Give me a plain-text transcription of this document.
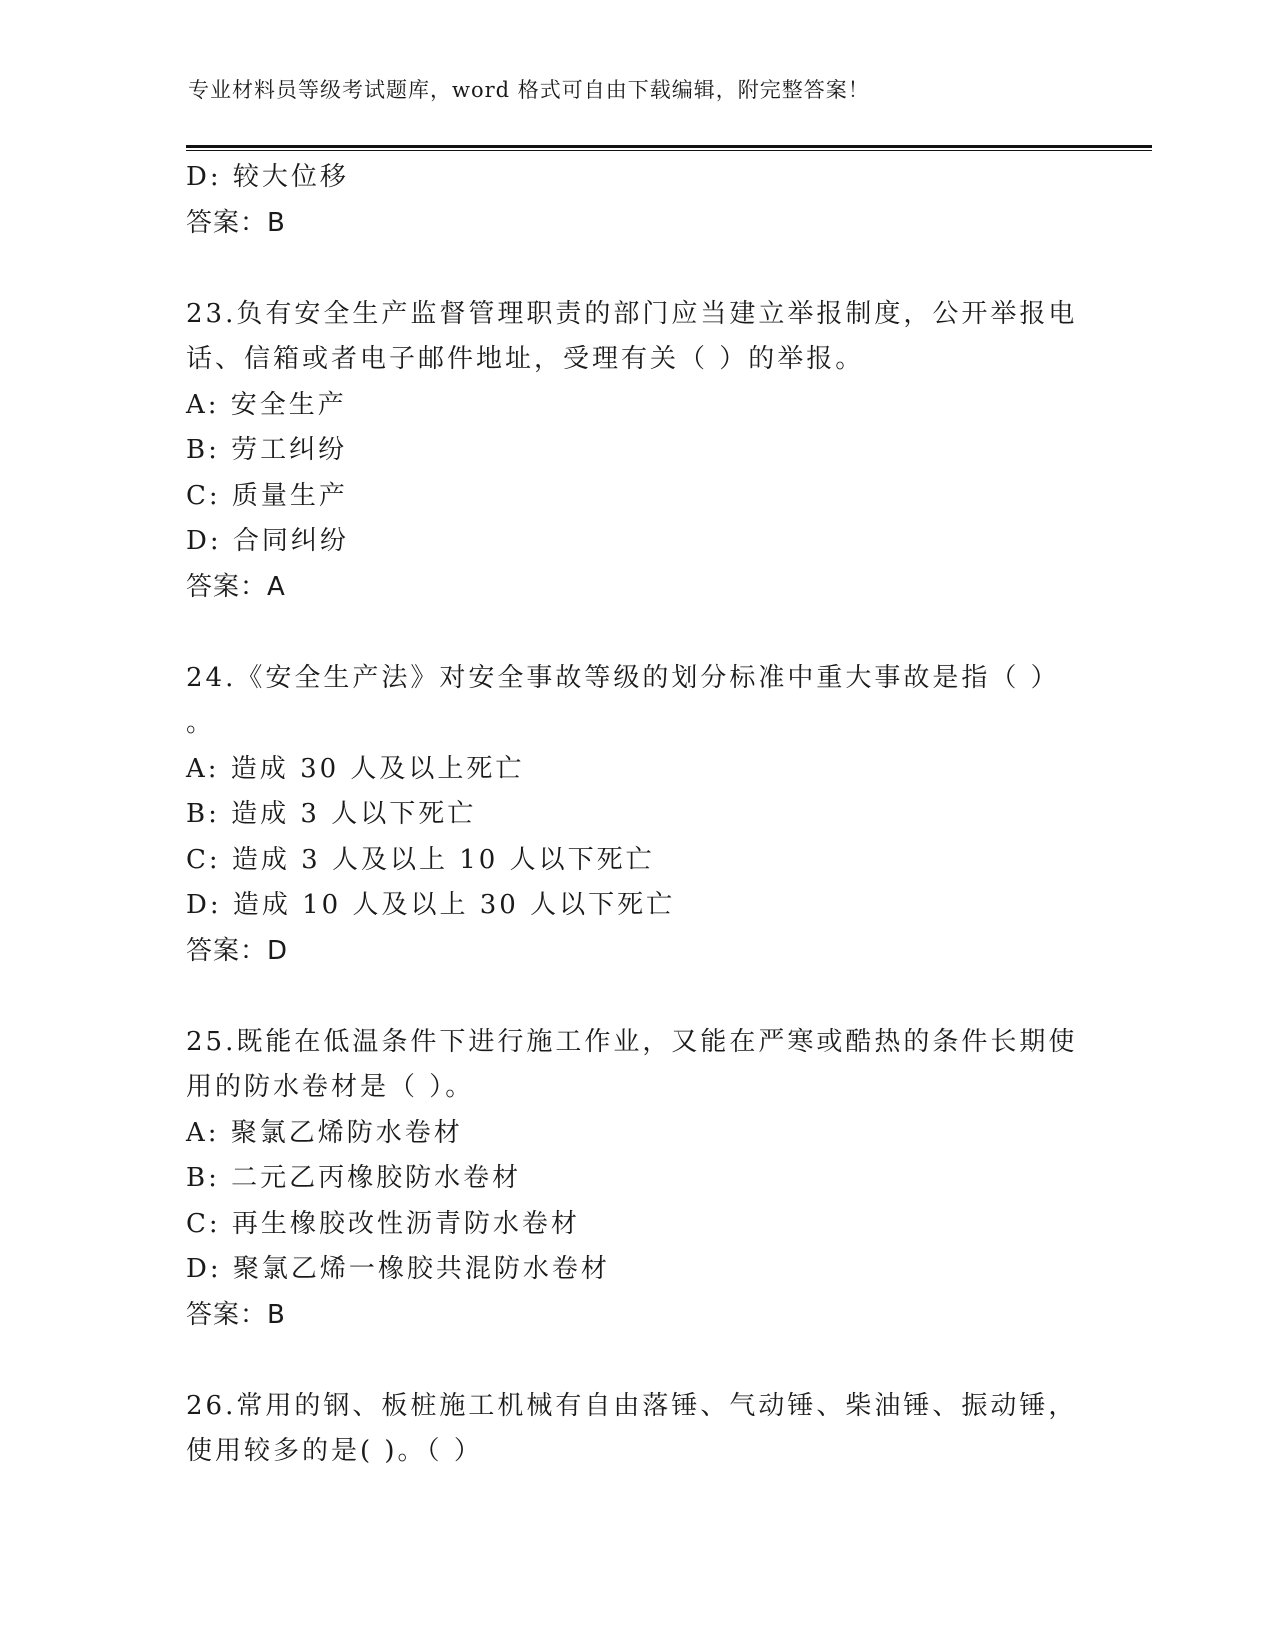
专业材料员等级考试题库，word 格式可自由下载编辑，附完整答案！
D: 较大位移
答案：B
23.负有安全生产监督管理职责的部门应当建立举报制度，公开举报电
话、信箱或者电子邮件地址，受理有关（ ）的举报。
A: 安全生产
B: 劳工纠纷
C: 质量生产
D: 合同纠纷
答案：A
24.《安全生产法》对安全事故等级的划分标准中重大事故是指（ ）
。
A: 造成 30 人及以上死亡
B: 造成 3 人以下死亡
C: 造成 3 人及以上 10 人以下死亡
D: 造成 10 人及以上 30 人以下死亡
答案：D
25.既能在低温条件下进行施工作业，又能在严寒或酷热的条件长期使
用的防水卷材是（ ）。
A: 聚氯乙烯防水卷材
B: 二元乙丙橡胶防水卷材
C: 再生橡胶改性沥青防水卷材
D: 聚氯乙烯一橡胶共混防水卷材
答案：B
26.常用的钢、板桩施工机械有自由落锤、气动锤、柴油锤、振动锤，
使用较多的是( )。（ ）
